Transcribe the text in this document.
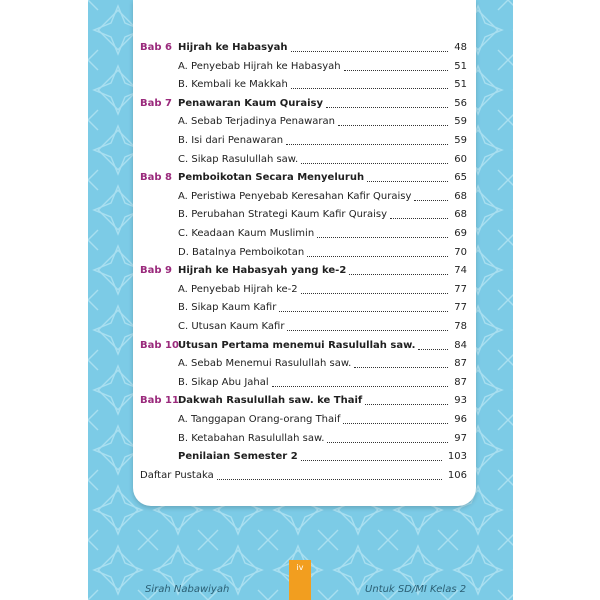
Bab 6 Hijrah ke Habasyah	48
A. Penyebab Hijrah ke Habasyah	51
B. Kembali ke Makkah	51
Bab 7 Penawaran Kaum Quraisy	56
A. Sebab Terjadinya Penawaran	59
B. Isi dari Penawaran	59
C. Sikap Rasulullah saw.	60
Bab 8 Pemboikotan Secara Menyeluruh	65
A. Peristiwa Penyebab Keresahan Kafir Quraisy	68
B. Perubahan Strategi Kaum Kafir Quraisy	68
C. Keadaan Kaum Muslimin	69
D. Batalnya Pemboikotan	70
Bab 9 Hijrah ke Habasyah yang ke-2	74
A. Penyebab Hijrah ke-2	77
B. Sikap Kaum Kafir	77
C. Utusan Kaum Kafir	78
Bab 10 Utusan Pertama menemui Rasulullah saw.	84
A. Sebab Menemui Rasulullah saw.	87
B. Sikap Abu Jahal	87
Bab 11 Dakwah Rasulullah saw. ke Thaif	93
A. Tanggapan Orang-orang Thaif	96
B. Ketabahan Rasulullah saw.	97
Penilaian Semester 2	103
Daftar Pustaka	106
iv
Sirah Nabawiyah	Untuk SD/MI Kelas 2
